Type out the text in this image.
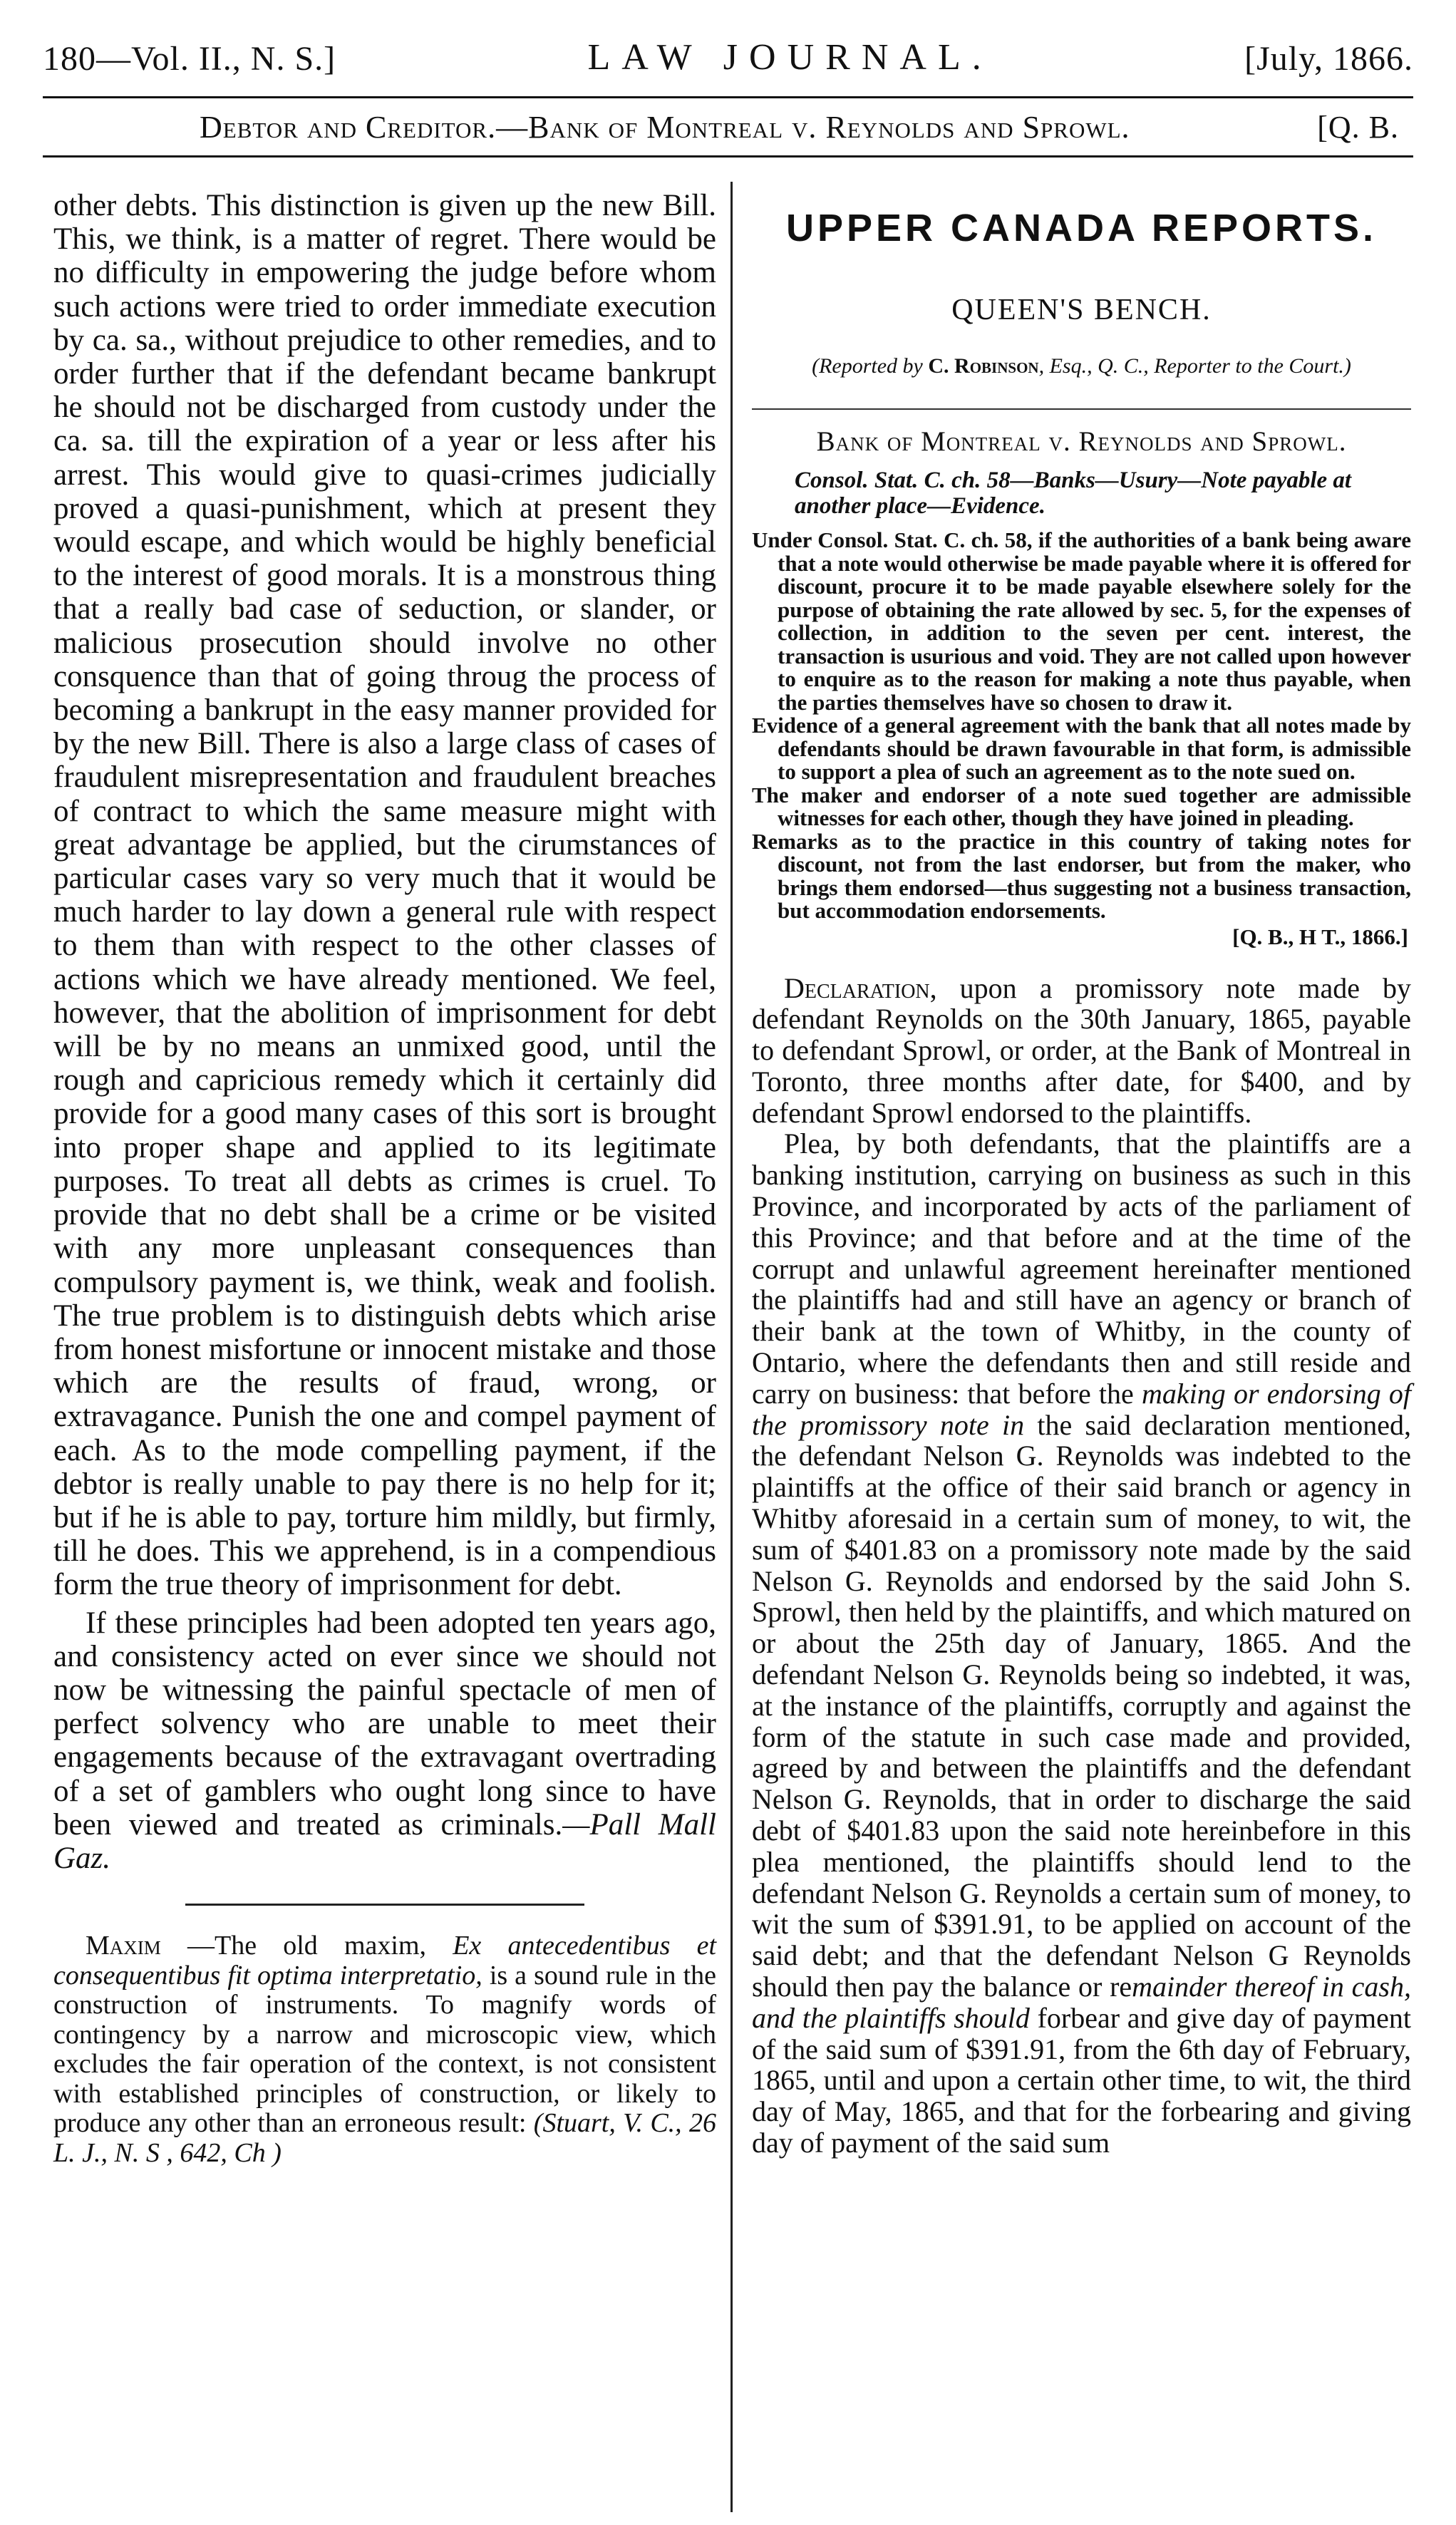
180—Vol. II., N. S.]	LAW JOURNAL.	[July, 1866.
Debtor and Creditor.—Bank of Montreal v. Reynolds and Sprowl.	[Q. B.

other debts. This distinction is given up the new Bill. This, we think, is a matter of regret. There would be no difficulty in empowering the judge before whom such actions were tried to order immediate execution by ca. sa., without prejudice to other remedies, and to order further that if the defendant became bankrupt he should not be discharged from custody under the ca. sa. till the expiration of a year or less after his arrest. This would give to quasi-crimes judicially proved a quasi-punishment, which at present they would escape, and which would be highly beneficial to the interest of good morals. It is a monstrous thing that a really bad case of seduction, or slander, or malicious prosecution should involve no other consquence than that of going throug the process of becoming a bankrupt in the easy manner provided for by the new Bill. There is also a large class of cases of fraudulent misrepresentation and fraudulent breaches of contract to which the same measure might with great advantage be applied, but the cirumstances of particular cases vary so very much that it would be much harder to lay down a general rule with respect to them than with respect to the other classes of actions which we have already mentioned. We feel, however, that the abolition of imprisonment for debt will be by no means an unmixed good, until the rough and capricious remedy which it certainly did provide for a good many cases of this sort is brought into proper shape and applied to its legitimate purposes. To treat all debts as crimes is cruel. To provide that no debt shall be a crime or be visited with any more unpleasant consequences than compulsory payment is, we think, weak and foolish. The true problem is to distinguish debts which arise from honest misfortune or innocent mistake and those which are the results of fraud, wrong, or extravagance. Punish the one and compel payment of each. As to the mode compelling payment, if the debtor is really unable to pay there is no help for it; but if he is able to pay, torture him mildly, but firmly, till he does. This we apprehend, is in a compendious form the true theory of imprisonment for debt.

If these principles had been adopted ten years ago, and consistency acted on ever since we should not now be witnessing the painful spectacle of men of perfect solvency who are unable to meet their engagements because of the extravagant overtrading of a set of gamblers who ought long since to have been viewed and treated as criminals.—Pall Mall Gaz.

Maxim —The old maxim, Ex antecedentibus et consequentibus fit optima interpretatio, is a sound rule in the construction of instruments. To magnify words of contingency by a narrow and microscopic view, which excludes the fair operation of the context, is not consistent with established principles of construction, or likely to produce any other than an erroneous result: (Stuart, V. C., 26 L. J., N. S , 642, Ch )

UPPER CANADA REPORTS.
QUEEN'S BENCH.
(Reported by C. Robinson, Esq., Q. C., Reporter to the Court.)
Bank of Montreal v. Reynolds and Sprowl.
Consol. Stat. C. ch. 58—Banks—Usury—Note payable at another place—Evidence.

Under Consol. Stat. C. ch. 58, if the authorities of a bank being aware that a note would otherwise be made payable where it is offered for discount, procure it to be made payable elsewhere solely for the purpose of obtaining the rate allowed by sec. 5, for the expenses of collection, in addition to the seven per cent. interest, the transaction is usurious and void. They are not called upon however to enquire as to the reason for making a note thus payable, when the parties themselves have so chosen to draw it.

Evidence of a general agreement with the bank that all notes made by defendants should be drawn favourable in that form, is admissible to support a plea of such an agreement as to the note sued on.

The maker and endorser of a note sued together are admissible witnesses for each other, though they have joined in pleading.

Remarks as to the practice in this country of taking notes for discount, not from the last endorser, but from the maker, who brings them endorsed—thus suggesting not a business transaction, but accommodation endorsements.

[Q. B., H T., 1866.]

Declaration, upon a promissory note made by defendant Reynolds on the 30th January, 1865, payable to defendant Sprowl, or order, at the Bank of Montreal in Toronto, three months after date, for $400, and by defendant Sprowl endorsed to the plaintiffs.

Plea, by both defendants, that the plaintiffs are a banking institution, carrying on business as such in this Province, and incorporated by acts of the parliament of this Province; and that before and at the time of the corrupt and unlawful agreement hereinafter mentioned the plaintiffs had and still have an agency or branch of their bank at the town of Whitby, in the county of Ontario, where the defendants then and still reside and carry on business: that before the making or endorsing of the promissory note in the said declaration mentioned, the defendant Nelson G. Reynolds was indebted to the plaintiffs at the office of their said branch or agency in Whitby aforesaid in a certain sum of money, to wit, the sum of $401.83 on a promissory note made by the said Nelson G. Reynolds and endorsed by the said John S. Sprowl, then held by the plaintiffs, and which matured on or about the 25th day of January, 1865. And the defendant Nelson G. Reynolds being so indebted, it was, at the instance of the plaintiffs, corruptly and against the form of the statute in such case made and provided, agreed by and between the plaintiffs and the defendant Nelson G. Reynolds, that in order to discharge the said debt of $401.83 upon the said note hereinbefore in this plea mentioned, the plaintiffs should lend to the defendant Nelson G. Reynolds a certain sum of money, to wit the sum of $391.91, to be applied on account of the said debt; and that the defendant Nelson G Reynolds should then pay the balance or remainder thereof in cash, and the plaintiffs should forbear and give day of payment of the said sum of $391.91, from the 6th day of February, 1865, until and upon a certain other time, to wit, the third day of May, 1865, and that for the forbearing and giving day of payment of the said sum
